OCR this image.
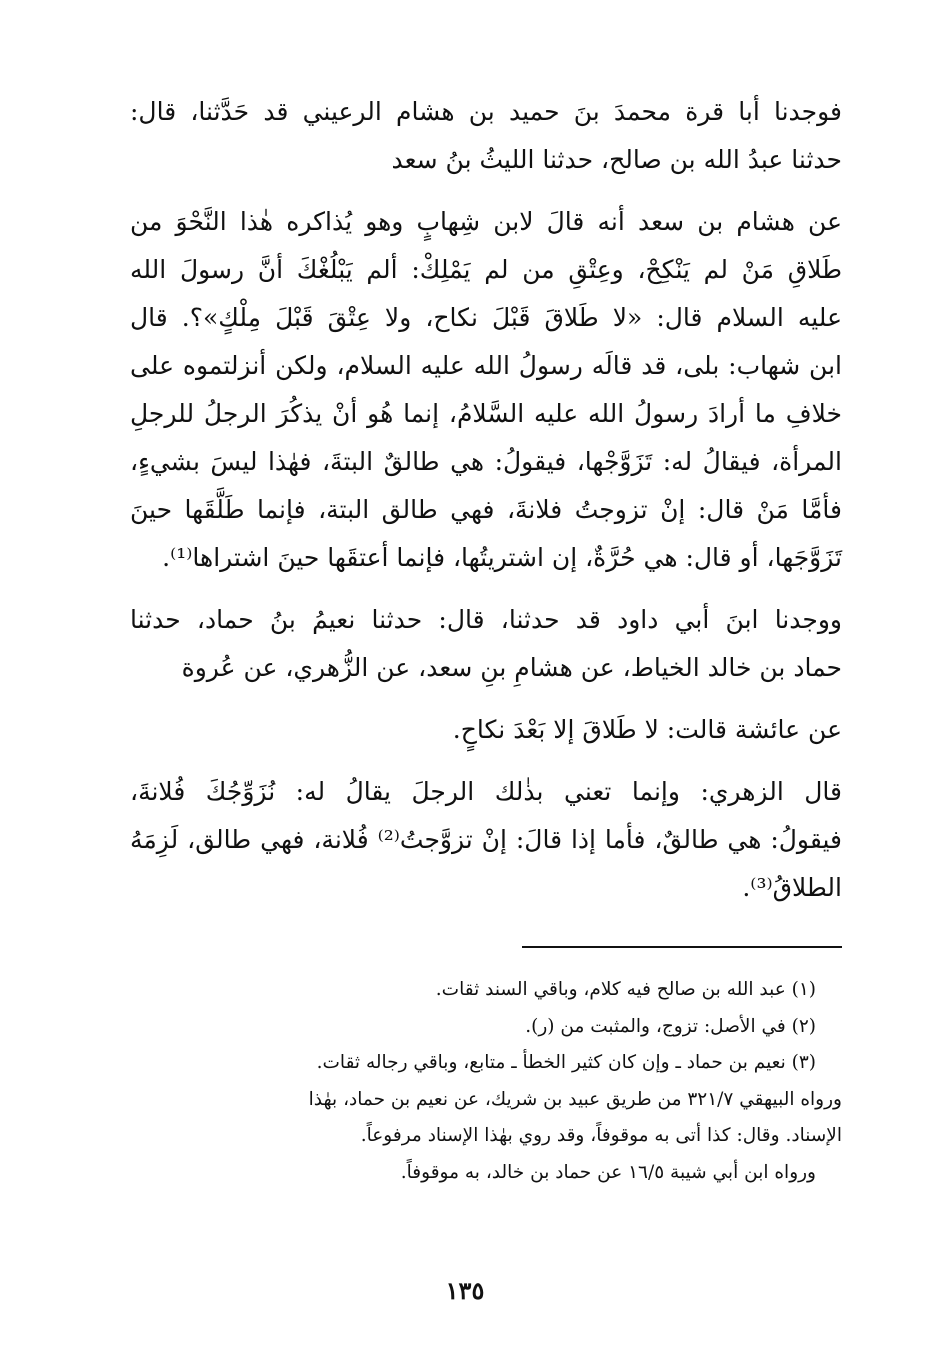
فوجدنا أبا قرة محمدَ بنَ حميد بن هشام الرعيني قد حَدَّثنا، قال:
حدثنا عبدُ الله بن صالح، حدثنا الليثُ بنُ سعد
عن هشام بن سعد أنه قالَ لابن شِهابٍ وهو يُذاكره هٰذا النَّحْوَ من
طَلاقِ مَنْ لم يَنْكِحْ، وعِتْقِ من لم يَمْلِكْ: ألم يَبْلُغْكَ أنَّ رسولَ الله
عليه السلام قال: «لا طَلاقَ قَبْلَ نكاح، ولا عِتْقَ قَبْلَ مِلْكٍ»؟. قال
ابن شهاب: بلى، قد قالَه رسولُ الله عليه السلام، ولكن أنزلتموه على
خلافِ ما أرادَ رسولُ الله عليه السَّلامُ، إنما هُو أنْ يذكُرَ الرجلُ للرجلِ
المرأة، فيقالُ له: تَزَوَّجْها، فيقولُ: هي طالقٌ البتةَ، فهٰذا ليسَ بشيءٍ،
فأمَّا مَنْ قال: إنْ تزوجتُ فلانةَ، فهي طالق البتة، فإنما طَلَّقَها حينَ
تَزَوَّجَها، أو قال: هي حُرَّةٌ، إن اشتريتُها، فإنما أعتقَها حينَ اشتراها⁽¹⁾.
ووجدنا ابنَ أبي داود قد حدثنا، قال: حدثنا نعيمُ بنُ حماد، حدثنا
حماد بن خالد الخياط، عن هشامِ بنِ سعد، عن الزُّهري، عن عُروة
عن عائشة قالت: لا طَلاقَ إلا بَعْدَ نكاحٍ.
قال الزهري: وإنما تعني بذٰلك الرجلَ يقالُ له: نُزَوِّجُكَ فُلانةَ،
فيقولُ: هي طالقٌ، فأما إذا قالَ: إنْ تزوَّجتُ⁽²⁾ فُلانة، فهي طالق، لَزِمَهُ
الطلاقُ⁽³⁾.
(١) عبد الله بن صالح فيه كلام، وباقي السند ثقات.
(٢) في الأصل: تزوج، والمثبت من (ر).
(٣) نعيم بن حماد ـ وإن كان كثير الخطأ ـ متابع، وباقي رجاله ثقات.
ورواه البيهقي ٣٢١/٧ من طريق عبيد بن شريك، عن نعيم بن حماد، بهٰذا
الإسناد. وقال: كذا أتى به موقوفاً، وقد روي بهٰذا الإسناد مرفوعاً.
ورواه ابن أبي شيبة ١٦/٥ عن حماد بن خالد، به موقوفاً.
١٣٥
